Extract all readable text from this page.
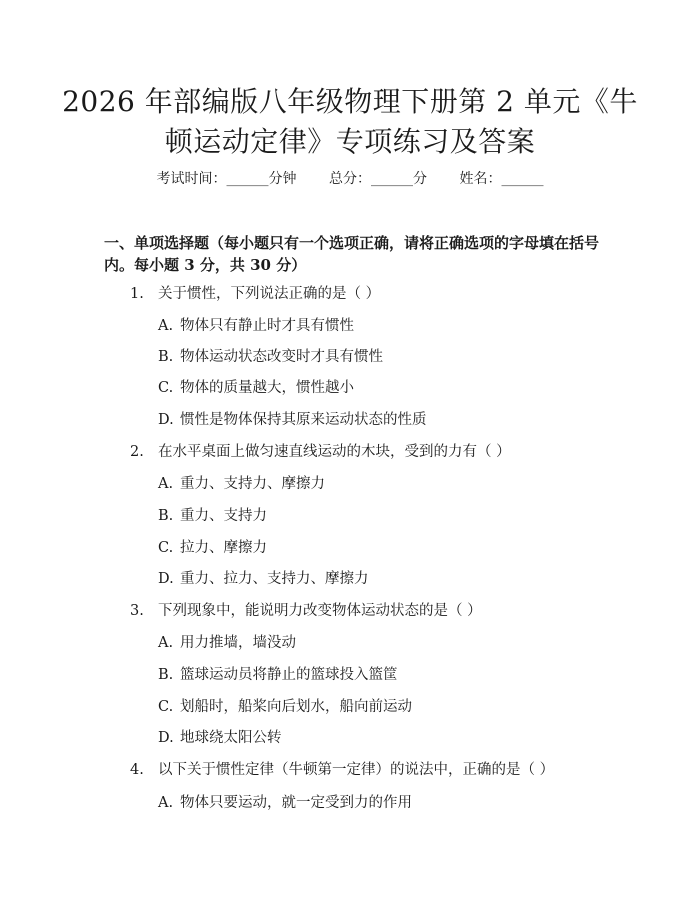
2026 年部编版八年级物理下册第 2 单元《牛
顿运动定律》专项练习及答案
考试时间：______分钟 总分：______分 姓名：______
一、单项选择题（每小题只有一个选项正确，请将正确选项的字母填在括号内。每小题 3 分，共 30 分）
1. 关于惯性，下列说法正确的是（ ）
A. 物体只有静止时才具有惯性
B. 物体运动状态改变时才具有惯性
C. 物体的质量越大，惯性越小
D. 惯性是物体保持其原来运动状态的性质
2. 在水平桌面上做匀速直线运动的木块，受到的力有（ ）
A. 重力、支持力、摩擦力
B. 重力、支持力
C. 拉力、摩擦力
D. 重力、拉力、支持力、摩擦力
3. 下列现象中，能说明力改变物体运动状态的是（ ）
A. 用力推墙，墙没动
B. 篮球运动员将静止的篮球投入篮筐
C. 划船时，船桨向后划水，船向前运动
D. 地球绕太阳公转
4. 以下关于惯性定律（牛顿第一定律）的说法中，正确的是（ ）
A. 物体只要运动，就一定受到力的作用
